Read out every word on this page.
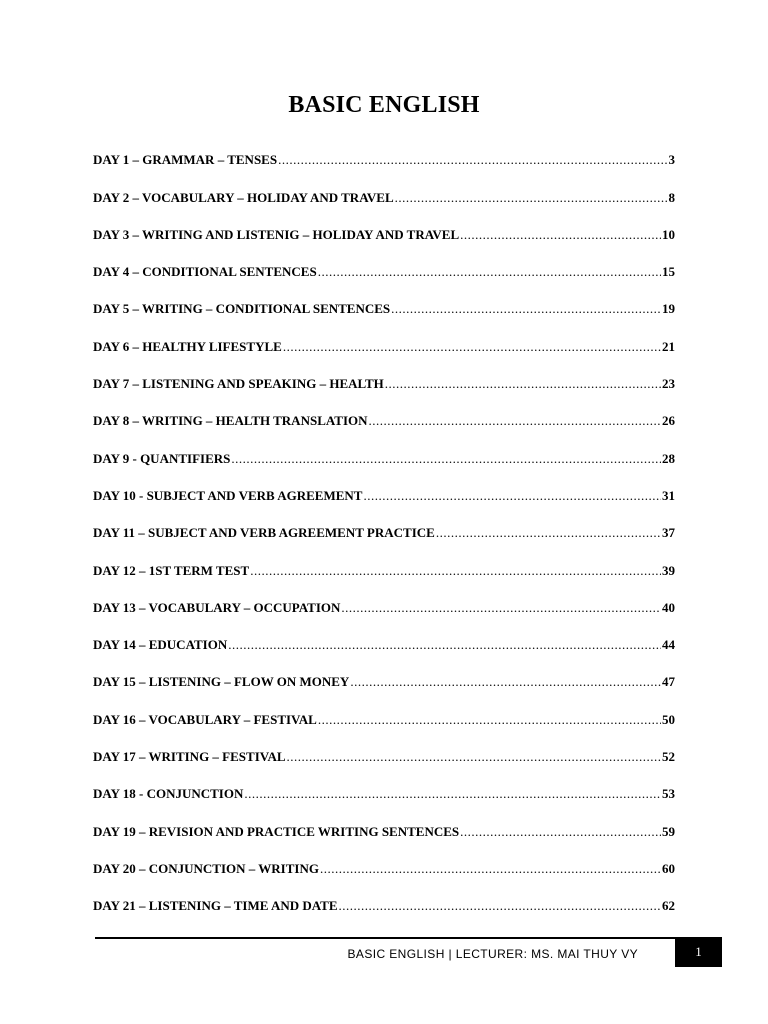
BASIC ENGLISH
DAY 1 – GRAMMAR – TENSES .....	3
DAY 2 – VOCABULARY – HOLIDAY AND TRAVEL .....	8
DAY 3 – WRITING AND LISTENIG – HOLIDAY AND TRAVEL .....	10
DAY 4 – CONDITIONAL SENTENCES .....	15
DAY 5 – WRITING – CONDITIONAL SENTENCES .....	19
DAY 6 – HEALTHY LIFESTYLE .....	21
DAY 7 – LISTENING AND SPEAKING – HEALTH .....	23
DAY 8 – WRITING – HEALTH TRANSLATION .....	26
DAY 9 - QUANTIFIERS .....	28
DAY 10 - SUBJECT AND VERB AGREEMENT .....	31
DAY 11 – SUBJECT AND VERB AGREEMENT PRACTICE .....	37
DAY 12 – 1ST TERM TEST .....	39
DAY 13 – VOCABULARY – OCCUPATION .....	40
DAY 14 – EDUCATION .....	44
DAY 15 – LISTENING – FLOW ON MONEY .....	47
DAY 16 – VOCABULARY – FESTIVAL .....	50
DAY 17 – WRITING – FESTIVAL .....	52
DAY 18 - CONJUNCTION .....	53
DAY 19 – REVISION AND PRACTICE WRITING SENTENCES .....	59
DAY 20 – CONJUNCTION – WRITING .....	60
DAY 21 – LISTENING – TIME AND DATE .....	62
BASIC ENGLISH | LECTURER: MS. MAI THUY VY	1
